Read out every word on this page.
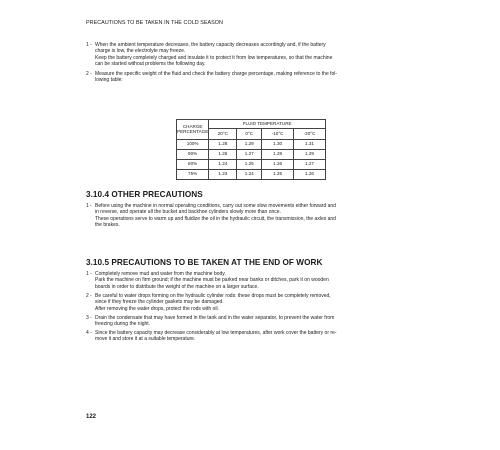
PRECAUTIONS TO BE TAKEN IN THE COLD SEASON
1 - When the ambient temperature decreases, the battery capacity decreases accordingly and, if the battery
charge is low, the electrolyte may freeze.
Keep the battery completely charged and insulate it to protect it from low temperatures, so that the machine
can be started without problems the following day.
2 - Measure the specific weight of the fluid and check the battery charge percentage, making reference to the fol-
lowing table:
CHARGE
PERCENTAGE	FLUID TEMPERATURE			
	20°C	0°C	-10°C	-20°C
100%	1.28	1.29	1.30	1.31
90%	1.26	1.27	1.28	1.29
80%	1.24	1.25	1.26	1.27
75%	1.23	1.24	1.25	1.26
3.10.4 OTHER PRECAUTIONS
1 - Before using the machine in normal operating conditions, carry out some slow movements either forward and
in reverse, and operate all the bucket and backhoe cylinders slowly more than once.
These operations serve to warm up and fluidize the oil in the hydraulic circuit, the transmission, the axles and
the brakes.
3.10.5 PRECAUTIONS TO BE TAKEN AT THE END OF WORK
1 - Completely remove mud and water from the machine body.
Park the machine on firm ground; if the machine must be parked near banks or ditches, park it on wooden
boards in order to distribute the weight of the machine on a larger surface.
2 - Be careful to water drops forming on the hydraulic cylinder rods: these drops must be completely removed,
since if they freeze the cylinder gaskets may be damaged.
After removing the water drops, protect the rods with oil.
3 - Drain the condensate that may have formed in the tank and in the water separator, to prevent the water from
freezing during the night.
4 - Since the battery capacity may decrease considerably at low temperatures, after work cover the battery or re-
move it and store it at a suitable temperature.
122
